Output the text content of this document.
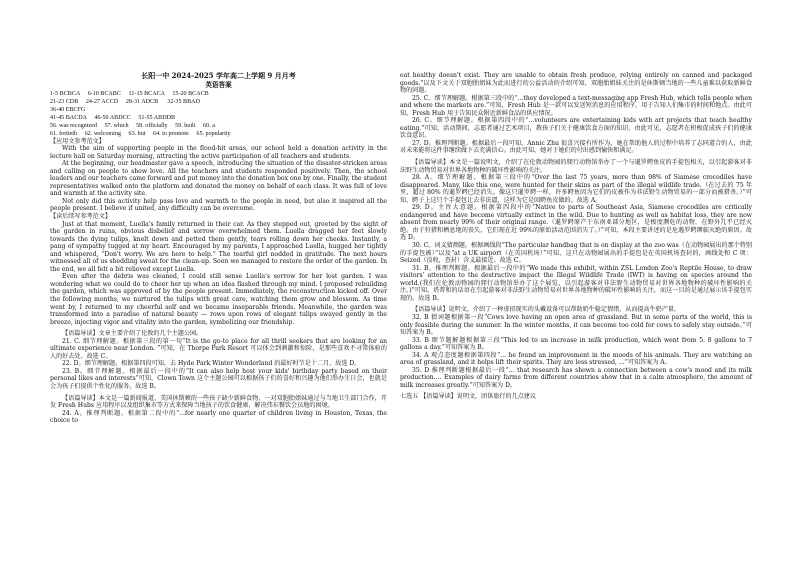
长阳一中 2024-2025 学年高二上学期 9 月月考

英语答案

1-5 BCBCA     6-10 BCABC     11-15 BCACA     15-20 BCACB

21-23 CDB     24-27 ACCD     28-31 ADCB      32-35 BBAD

36-40 EBCFG

41-45 BACDA     46-50 ABDCC     51-55 ABDDB

56. was recognized     57. which     58. officially     59. built     60. a

61. fortieth     62. welcoming     63. but     64. to promote     65. popularity

【应用文参考范文】

With the aim of supporting people in the flood-hit areas, our school held a donation activity in the lecture hall on Saturday morning, attracting the active participation of all teachers and students.

At the beginning, our headmaster gave a speech, introducing the situation of the disaster-stricken areas and calling on people to show love. All the teachers and students responded positively. Then, the school leaders and our teachers came forward and put money into the donation box one by one. Finally, the student representatives walked onto the platform and donated the money on behalf of each class. It was full of love and warmth at the activity site.

Not only did this activity help pass love and warmth to the people in need, but also it inspired all the people present. I believe if united, any difficulty can be overcome.

【读后续写参考范文】

Just at that moment, Luella's family returned in their car. As they stepped out, greeted by the sight of the garden in ruins, obvious disbelief and sorrow overwhelmed them. Luella dragged her feet slowly towards the dying tulips, knelt down and petted them gently, tears rolling down her cheeks. Instantly, a pang of sympathy tugged at my heart. Encouraged by my parents, I approached Luella, hugged her tightly and whispered, “Don't worry. We are here to help.” The tearful girl nodded in gratitude. The next hours witnessed all of us shedding sweat for the clean-up. Soon we managed to restore the order of the garden. In the end, we all felt a bit relieved except Luella.

Even after the debris was cleaned, I could still sense Luella's sorrow for her lost garden. I was wondering what we could do to cheer her up when an idea flashed through my mind. I proposed rebuilding the garden, which was approved of by the people present. Immediately, the reconstruction kicked off. Over the following months, we nurtured the tulips with great care, watching them grow and blossom. As time went by, I returned to my cheerful self and we became inseparable friends. Meanwhile, the garden was transformed into a paradise of natural beauty — rows upon rows of elegant tulips swayed gently in the breeze, injecting vigor and vitality into the garden, symbolizing our friendship.

【语篇导读】文章主要介绍了伦敦的几个主题公园。

21. C. 细节理解题。根据第三段的第一句“It is the go-to place for all thrill seekers that are looking for an ultimate experience near London. ”可知，在 Thorpe Park Resort 可以体会到刺激和惊险，是那些喜欢不寻常体验的人的好去处。故选 C。

22. D。细节理解题。根据第四段可知，去 Hyde Park Winter Wonderland 的最好时节是十二月，故选 D。

23. B。细节理解题。根据最后一段中的“It can also help host your kids' birthday party based on their personal likes and interests”可知，Clown Town 这个主题公园可以根据孩子们的喜好和兴趣为他们举办生日会，也就是会为孩子们提供个性化的服务。故选 B。

【语篇导读】本文是一篇新闻报道，美国休斯顿的一些孩子缺少新鲜食物，一对双胞胎姐妹通过与当地卫生部门合作，开发 Fresh Hubs 应用程序以及组织集市等方式来保障当地孩子的饮食健康，解决伟东餐饮会员地的困境。

24. A。推理判断题。根据第二段中的“...for nearly one quarter of children living in Houston, Texas, the choice to

eat healthy doesn't exist. They are unable to obtain fresh produce, relying entirely on canned and packaged goods.”以及下文关于双胞胎姐妹为此而进行的公益活动的介绍可知，双胞胎姐妹关注的是休斯顿当地的一些儿童难以获取新鲜食物的问题。

25. C。细节理解题。根据第三段中的“...they developed a text-messaging app Fresh Hub, which tells people when and where the markets are.”可知，Fresh Hub 是一款可以发送短消息的应用程序，用于告知人们集市的时间和地点。由此可知，Fresh Hub 用于告知民众附近新鲜食品的供应情况。

26. C。细节理解题。根据第四段中的“...volunteers are entertaining kids with art projects that teach healthy eating.”可知，活动期间，志愿者通过艺术项目，教孩子们关于健康饮食方面的知识。由此可见，志愿者在积极促成孩子们的健康饮食意识。

27. D。推理判断题。根据最后一段可知，Annic Zhu 很喜兴接有所作为，她在帮助他人的过程中培养了志同道合的人，由此对未来能将这件事继续做下去充满信心。由此可知，她对于她们的付出感到愉快和满足。

【语篇导读】本文是一篇说明文，介绍了在伦敦动物园的爬行动物馆举办了一个与暹罗鳄鱼皮的手提包相关，以引起游客对非法野生动物贸易对世界各地物种的破坏性影响的关注。

28. A。细节理解题。根据第三段中的“Over the last 75 years, more than 98% of Siamese crocodiles have disappeared. Many, like this one, were hunted for their skins as part of the illegal wildlife trade.（在过去的 75 年里，超过 80% 的暹罗鳄已经消失。像这只暹罗鳄一样，许多鳄鱼因为它们的皮被作为非法野生动物贸易的一部分而被猎杀。）”可知，鳄子上这只个手提包让去非法逼，这样为它是回鳄鱼皮做的。故选 A。

29. D。主旨大意题。根据第四段中的“Native to parts of Southeast Asia, Siamese crocodiles are critically endangered and have become virtually extinct in the wild. Due to hunting as well as habitat loss, they are now absent from nearly 99% of their original range.（暹罗鳄原产于东南亚部分地区，是极度濒危的动物，在野外几乎已经灭绝。由于狩猎和栖息地的丧失，它们现在近 99%的原始活动范围消失了。）”可知，本段主要讲述的是危遇罗鳄濒临灭绝的原因。故选 D。

30. C。词义猜测题。根据画线段“The particular handbag that is on display at the zoo was（在动物园展出的那个特别的手提包被）”以及“at a UK airport（在英国机场）”可知，这只在动物园展出的手提包是在英国机场查封的，画线处和 C 项：Seized（没收，查封）含义最接近。故选 C。

31. B。推理判断题。根据最后一段中的“We made this exhibit, within ZSL London Zoo's Reptile House, to draw visitors' attention to the destructive impact the Illegal Wildlife Trade (IWT) is having on species around the world.(我们在伦敦动物园的爬行动物馆举办了这个展览，以引起游客对非法野生动物贸易对世界各地物种的破坏性影响的关注。)”可知，塔普和的话语在引起游客对非法野生动物贸易对世界各地物种的破坏性影响的关注，而这一目的是通过展示该手提包实现的。故选 B。

【语篇导读】说明文，介绍了一种虚拟现实的头戴设备可以帮助奶牛稳定情绪，从而提高牛奶产量。

32. B 猜词题根据第一段“Cows love having an open area of grassland. But in some parts of the world, this is only feasible during the summer. In the winter months, it can become too cold for cows to safely stay outside。”可知答案为 B。

33. B 细节题解题根据第三段“This led to an increase in milk production, which went from 5. 8 gallons to 7 gallons a day.”可知答案为 B。

34. A 观点态度题根据第四段“... he found an improvement in the moods of his animals. They are watching an area of grassland, and it helps lift their spirits. They are less stressed, ...”可知答案为 A。

35. D 推理判断题根据最后一段“... that research has shown a connection between a cow's mood and its milk production.... Examples of dairy farms from different countries show that in a calm atmosphere, the amount of milk increases greatly.”可知答案为 D。

七选五 【语篇导读】说明文，团体旅行的几点建议
